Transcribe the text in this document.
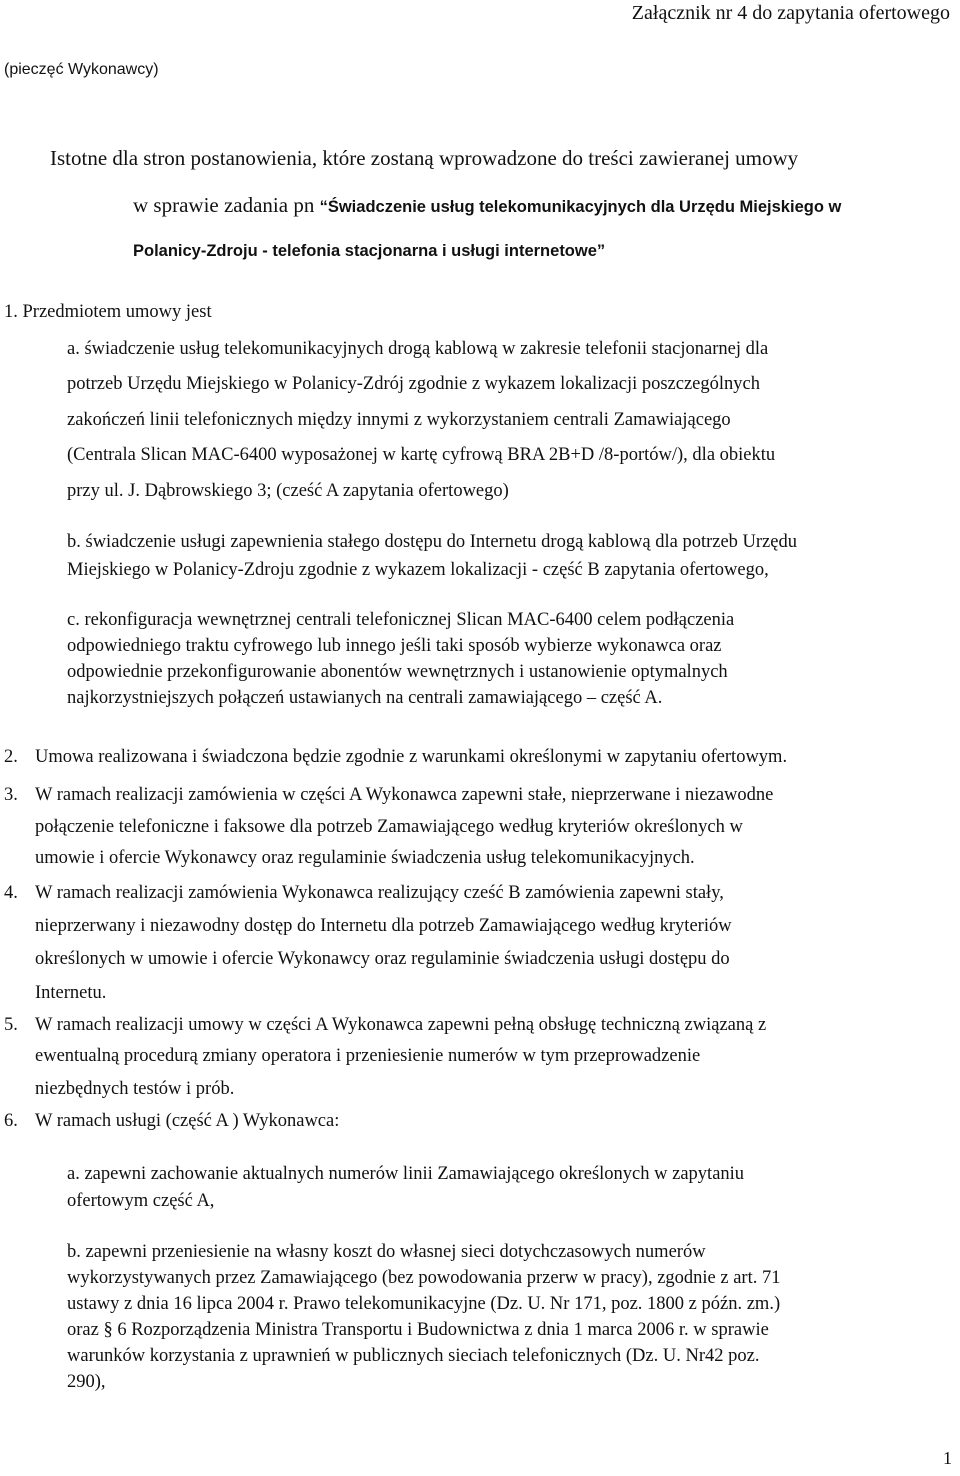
Załącznik nr 4 do zapytania ofertowego
(pieczęć Wykonawcy)
Istotne dla stron postanowienia, które zostaną wprowadzone do treści zawieranej umowy
w sprawie zadania pn “Świadczenie usług telekomunikacyjnych dla Urzędu Miejskiego w
Polanicy-Zdroju - telefonia stacjonarna i usługi internetowe”
1. Przedmiotem umowy jest
a. świadczenie usług telekomunikacyjnych drogą kablową w zakresie telefonii stacjonarnej dla
potrzeb Urzędu Miejskiego w Polanicy-Zdrój zgodnie z wykazem lokalizacji poszczególnych
zakończeń linii telefonicznych między innymi z wykorzystaniem centrali Zamawiającego
(Centrala Slican MAC-6400 wyposażonej w kartę cyfrową BRA 2B+D /8-portów/), dla obiektu
przy ul. J. Dąbrowskiego 3; (cześć A zapytania ofertowego)
b. świadczenie usługi zapewnienia stałego dostępu do Internetu drogą kablową dla potrzeb Urzędu
Miejskiego w Polanicy-Zdroju zgodnie z wykazem lokalizacji - część B zapytania ofertowego,
c. rekonfiguracja wewnętrznej centrali telefonicznej Slican MAC-6400 celem podłączenia
odpowiedniego traktu cyfrowego lub innego jeśli taki sposób wybierze wykonawca oraz
odpowiednie przekonfigurowanie abonentów wewnętrznych i ustanowienie optymalnych
najkorzystniejszych połączeń ustawianych na centrali zamawiającego – część A.
2. Umowa realizowana i świadczona będzie zgodnie z warunkami określonymi w zapytaniu ofertowym.
3. W ramach realizacji zamówienia w części A Wykonawca zapewni stałe, nieprzerwane i niezawodne
połączenie telefoniczne i faksowe dla potrzeb Zamawiającego według kryteriów określonych w
umowie i ofercie Wykonawcy oraz regulaminie świadczenia usług telekomunikacyjnych.
4. W ramach realizacji zamówienia Wykonawca realizujący cześć B zamówienia zapewni stały,
nieprzerwany i niezawodny dostęp do Internetu dla potrzeb Zamawiającego według kryteriów
określonych w umowie i ofercie Wykonawcy oraz regulaminie świadczenia usługi dostępu do
Internetu.
5. W ramach realizacji umowy w części A Wykonawca zapewni pełną obsługę techniczną związaną z
ewentualną procedurą zmiany operatora i przeniesienie numerów w tym przeprowadzenie
niezbędnych testów i prób.
6. W ramach usługi (część A ) Wykonawca:
a. zapewni zachowanie aktualnych numerów linii Zamawiającego określonych w zapytaniu
ofertowym część A,
b. zapewni przeniesienie na własny koszt do własnej sieci dotychczasowych numerów
wykorzystywanych przez Zamawiającego (bez powodowania przerw w pracy), zgodnie z art. 71
ustawy z dnia 16 lipca 2004 r. Prawo telekomunikacyjne (Dz. U. Nr 171, poz. 1800 z późn. zm.)
oraz § 6 Rozporządzenia Ministra Transportu i Budownictwa z dnia 1 marca 2006 r. w sprawie
warunków korzystania z uprawnień w publicznych sieciach telefonicznych (Dz. U. Nr42 poz.
290),
1
